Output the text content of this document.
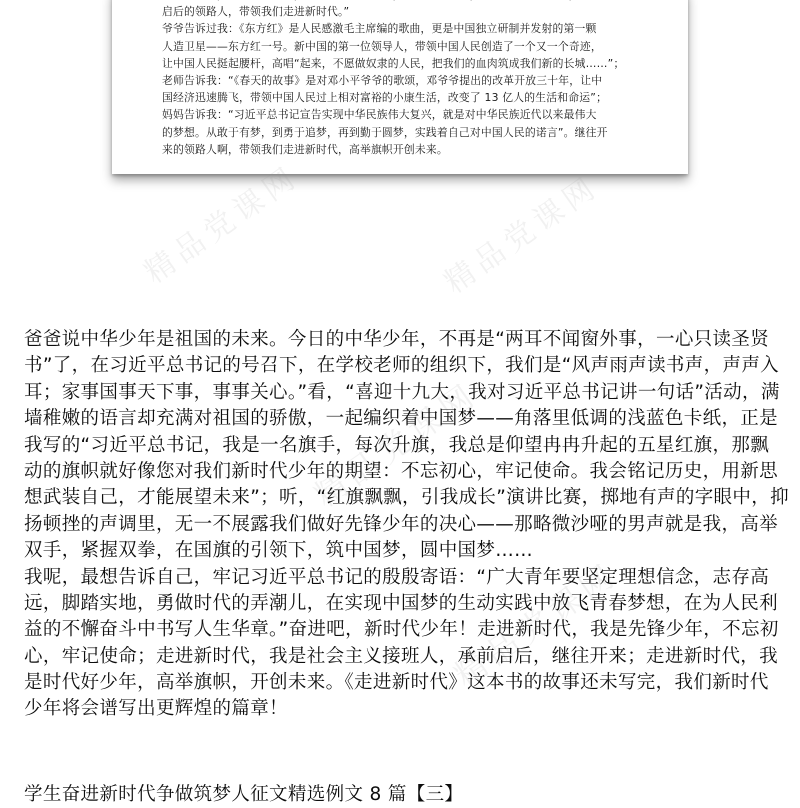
启后的领路人，带领我们走进新时代。”
爷爷告诉过我：《东方红》是人民感激毛主席编的歌曲，更是中国独立研制并发射的第一颗
人造卫星——东方红一号。新中国的第一位领导人，带领中国人民创造了一个又一个奇迹，
让中国人民挺起腰杆，高唱“起来，不愿做奴隶的人民，把我们的血肉筑成我们新的长城……”；
老师告诉我：“《春天的故事》是对邓小平爷爷的歌颂，邓爷爷提出的改革开放三十年，让中
国经济迅速腾飞，带领中国人民过上相对富裕的小康生活，改变了 13 亿人的生活和命运”；
妈妈告诉我：“习近平总书记宣告实现中华民族伟大复兴，就是对中华民族近代以来最伟大
的梦想。从敢于有梦，到勇于追梦，再到勤于圆梦，实践着自己对中国人民的诺言”。继往开
来的领路人啊，带领我们走进新时代，高举旗帜开创未来。
精品党课网	精品党课网
精品党课网
精品党课网
爸爸说中华少年是祖国的未来。今日的中华少年，不再是“两耳不闻窗外事，一心只读圣贤
书”了，在习近平总书记的号召下，在学校老师的组织下，我们是“风声雨声读书声，声声入
耳；家事国事天下事，事事关心。”看，“喜迎十九大，我对习近平总书记讲一句话”活动，满
墙稚嫩的语言却充满对祖国的骄傲，一起编织着中国梦——角落里低调的浅蓝色卡纸，正是
我写的“习近平总书记，我是一名旗手，每次升旗，我总是仰望冉冉升起的五星红旗，那飘
动的旗帜就好像您对我们新时代少年的期望：不忘初心，牢记使命。我会铭记历史，用新思
想武装自己，才能展望未来”；听，“红旗飘飘，引我成长”演讲比赛，掷地有声的字眼中，抑
扬顿挫的声调里，无一不展露我们做好先锋少年的决心——那略微沙哑的男声就是我，高举
双手，紧握双拳，在国旗的引领下，筑中国梦，圆中国梦……
我呢，最想告诉自己，牢记习近平总书记的殷殷寄语：“广大青年要坚定理想信念，志存高
远，脚踏实地，勇做时代的弄潮儿，在实现中国梦的生动实践中放飞青春梦想，在为人民利
益的不懈奋斗中书写人生华章。”奋进吧，新时代少年！走进新时代，我是先锋少年，不忘初
心，牢记使命；走进新时代，我是社会主义接班人，承前启后，继往开来；走进新时代，我
是时代好少年，高举旗帜，开创未来。《走进新时代》这本书的故事还未写完，我们新时代
少年将会谱写出更辉煌的篇章！
学生奋进新时代争做筑梦人征文精选例文 8 篇【三】
